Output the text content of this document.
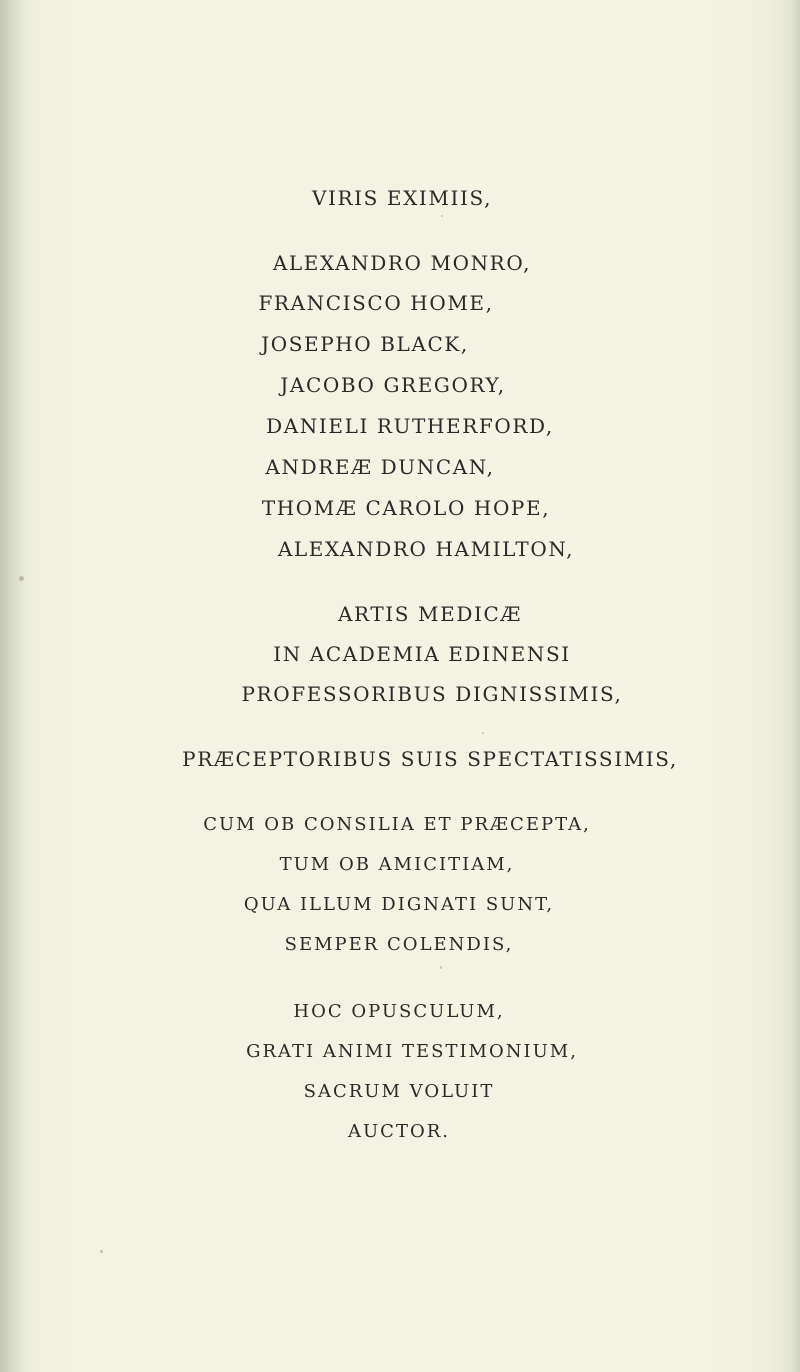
VIRIS EXIMIIS,
ALEXANDRO MONRO,
FRANCISCO HOME,
JOSEPHO BLACK,
JACOBO GREGORY,
DANIELI RUTHERFORD,
ANDREÆ DUNCAN,
THOMÆ CAROLO HOPE,
ALEXANDRO HAMILTON,
ARTIS MEDICÆ
IN ACADEMIA EDINENSI
PROFESSORIBUS DIGNISSIMIS,
PRÆCEPTORIBUS SUIS SPECTATISSIMIS,
CUM OB CONSILIA ET PRÆCEPTA,
TUM OB AMICITIAM,
QUA ILLUM DIGNATI SUNT,
SEMPER COLENDIS,
HOC OPUSCULUM,
GRATI ANIMI TESTIMONIUM,
SACRUM VOLUIT
AUCTOR.
